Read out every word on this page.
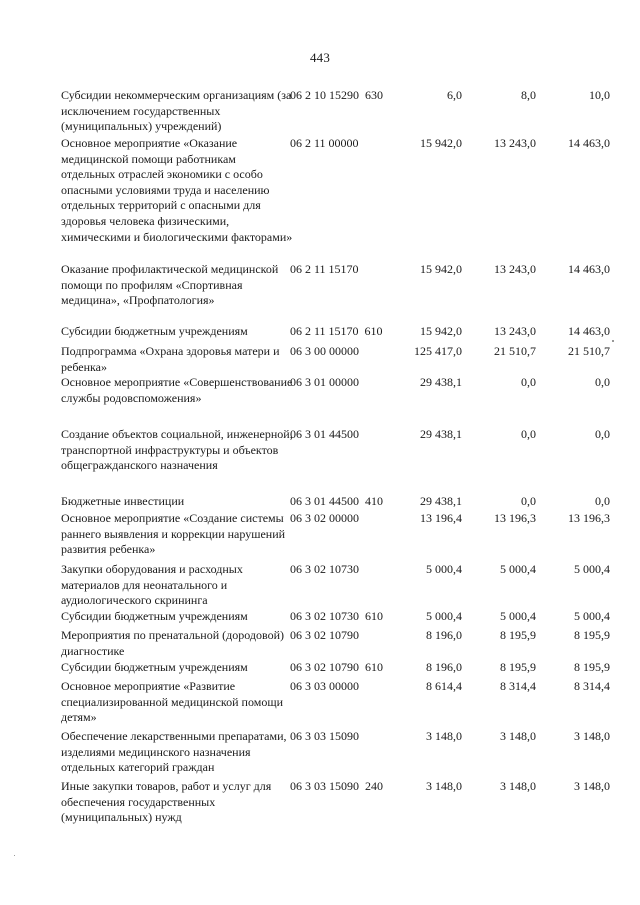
443
Субсидии некоммерческим организациям (за исключением государственных (муниципальных) учреждений)
06 2 10 15290  630	6,0	8,0	10,0
Основное мероприятие «Оказание медицинской помощи работникам отдельных отраслей экономики с особо опасными условиями труда и населению отдельных территорий с опасными для здоровья человека физическими, химическими и биологическими факторами»
06 2 11 00000	15 942,0	13 243,0	14 463,0
Оказание профилактической медицинской помощи по профилям «Спортивная медицина», «Профпатология»
06 2 11 15170	15 942,0	13 243,0	14 463,0
Субсидии бюджетным учреждениям	06 2 11 15170  610	15 942,0	13 243,0	14 463,0
Подпрограмма «Охрана здоровья матери и ребенка»
06 3 00 00000	125 417,0	21 510,7	21 510,7
Основное мероприятие «Совершенствование службы родовспоможения»
06 3 01 00000	29 438,1	0,0	0,0
Создание объектов социальной, инженерной, транспортной инфраструктуры и объектов общегражданского назначения
06 3 01 44500	29 438,1	0,0	0,0
Бюджетные инвестиции	06 3 01 44500  410	29 438,1	0,0	0,0
Основное мероприятие «Создание системы раннего выявления и коррекции нарушений развития ребенка»
06 3 02 00000	13 196,4	13 196,3	13 196,3
Закупки оборудования и расходных материалов для неонатального и аудиологического скрининга
06 3 02 10730	5 000,4	5 000,4	5 000,4
Субсидии бюджетным учреждениям	06 3 02 10730  610	5 000,4	5 000,4	5 000,4
Мероприятия по пренатальной (дородовой) диагностике
06 3 02 10790	8 196,0	8 195,9	8 195,9
Субсидии бюджетным учреждениям	06 3 02 10790  610	8 196,0	8 195,9	8 195,9
Основное мероприятие «Развитие специализированной медицинской помощи детям»
06 3 03 00000	8 614,4	8 314,4	8 314,4
Обеспечение лекарственными препаратами, изделиями медицинского назначения отдельных категорий граждан
06 3 03 15090	3 148,0	3 148,0	3 148,0
Иные закупки товаров, работ и услуг для обеспечения государственных (муниципальных) нужд
06 3 03 15090  240	3 148,0	3 148,0	3 148,0
